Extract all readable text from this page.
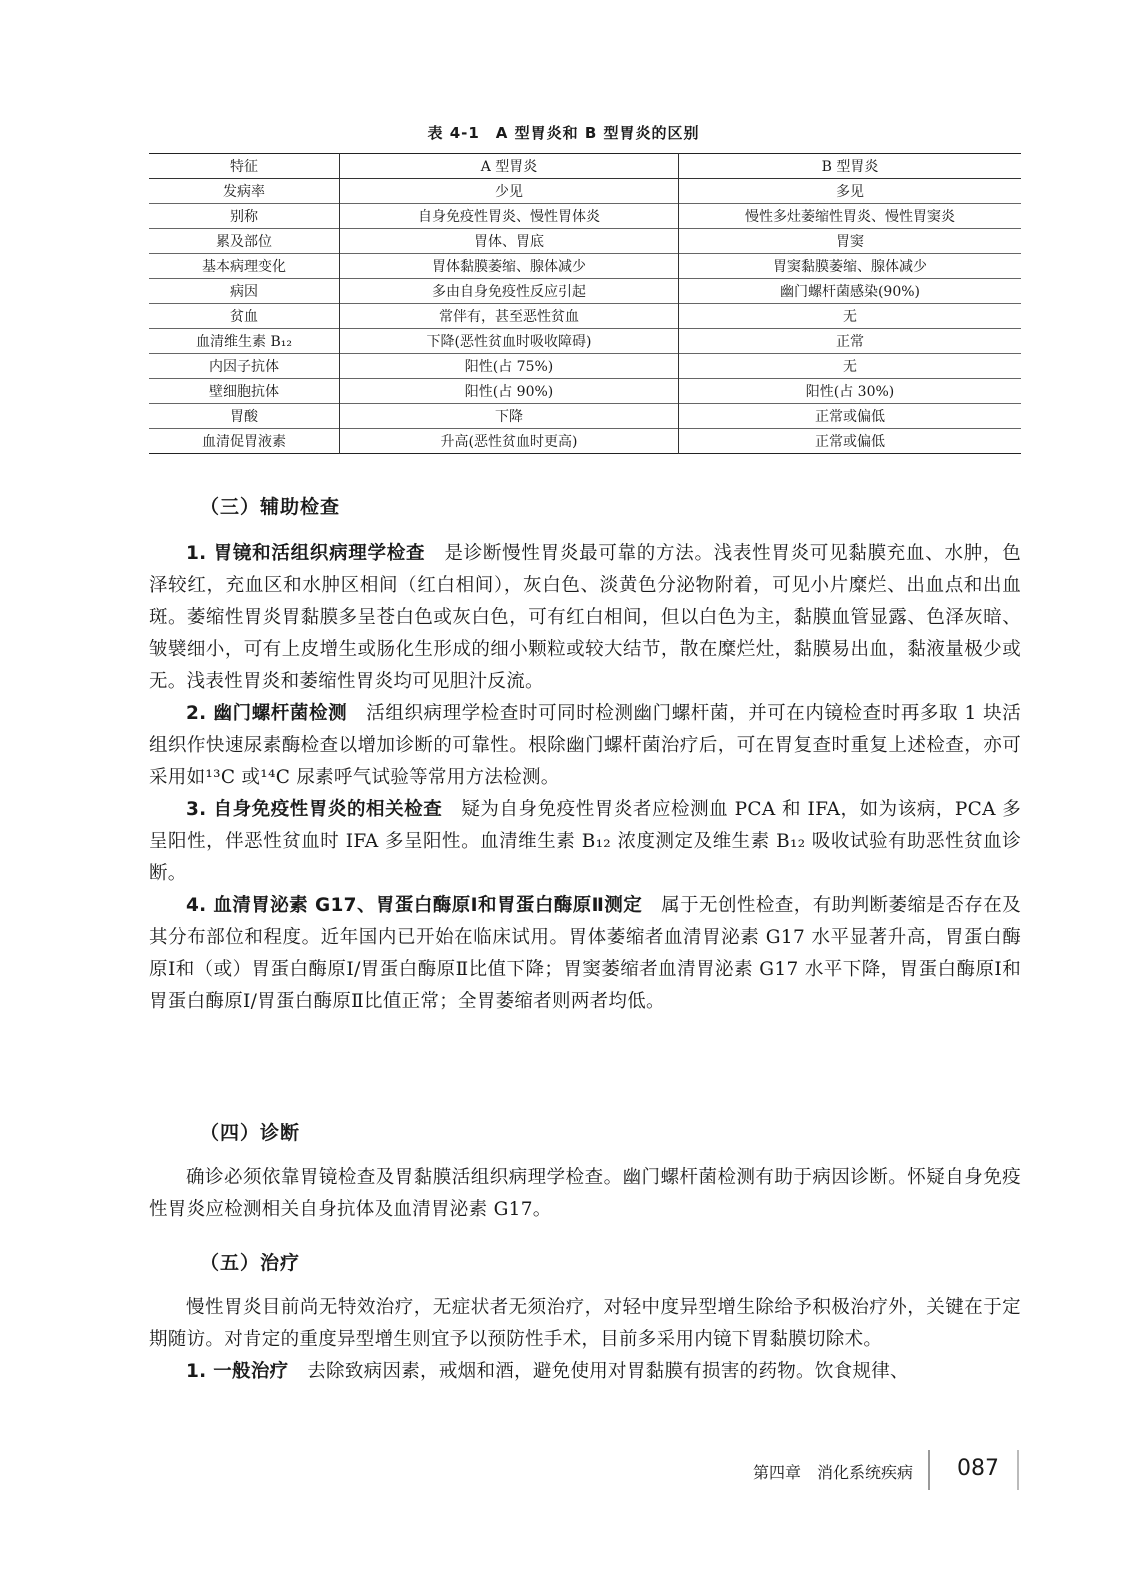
表 4-1　A 型胃炎和 B 型胃炎的区别
特征	A 型胃炎	B 型胃炎
发病率	少见	多见
别称	自身免疫性胃炎、慢性胃体炎	慢性多灶萎缩性胃炎、慢性胃窦炎
累及部位	胃体、胃底	胃窦
基本病理变化	胃体黏膜萎缩、腺体减少	胃窦黏膜萎缩、腺体减少
病因	多由自身免疫性反应引起	幽门螺杆菌感染(90%)
贫血	常伴有，甚至恶性贫血	无
血清维生素 B₁₂	下降(恶性贫血时吸收障碍)	正常
内因子抗体	阳性(占 75%)	无
壁细胞抗体	阳性(占 90%)	阳性(占 30%)
胃酸	下降	正常或偏低
血清促胃液素	升高(恶性贫血时更高)	正常或偏低
（三）辅助检查

1. 胃镜和活组织病理学检查　是诊断慢性胃炎最可靠的方法。浅表性胃炎可见黏膜充血、水肿，色泽较红，充血区和水肿区相间（红白相间），灰白色、淡黄色分泌物附着，可见小片糜烂、出血点和出血斑。萎缩性胃炎胃黏膜多呈苍白色或灰白色，可有红白相间，但以白色为主，黏膜血管显露、色泽灰暗、皱襞细小，可有上皮增生或肠化生形成的细小颗粒或较大结节，散在糜烂灶，黏膜易出血，黏液量极少或无。浅表性胃炎和萎缩性胃炎均可见胆汁反流。

2. 幽门螺杆菌检测　活组织病理学检查时可同时检测幽门螺杆菌，并可在内镜检查时再多取 1 块活组织作快速尿素酶检查以增加诊断的可靠性。根除幽门螺杆菌治疗后，可在胃复查时重复上述检查，亦可采用如¹³C 或¹⁴C 尿素呼气试验等常用方法检测。

3. 自身免疫性胃炎的相关检查　疑为自身免疫性胃炎者应检测血 PCA 和 IFA，如为该病，PCA 多呈阳性，伴恶性贫血时 IFA 多呈阳性。血清维生素 B₁₂ 浓度测定及维生素 B₁₂ 吸收试验有助恶性贫血诊断。

4. 血清胃泌素 G17、胃蛋白酶原Ⅰ和胃蛋白酶原Ⅱ测定　属于无创性检查，有助判断萎缩是否存在及其分布部位和程度。近年国内已开始在临床试用。胃体萎缩者血清胃泌素 G17 水平显著升高，胃蛋白酶原Ⅰ和（或）胃蛋白酶原Ⅰ/胃蛋白酶原Ⅱ比值下降；胃窦萎缩者血清胃泌素 G17 水平下降，胃蛋白酶原Ⅰ和胃蛋白酶原Ⅰ/胃蛋白酶原Ⅱ比值正常；全胃萎缩者则两者均低。

（四）诊断

确诊必须依靠胃镜检查及胃黏膜活组织病理学检查。幽门螺杆菌检测有助于病因诊断。怀疑自身免疫性胃炎应检测相关自身抗体及血清胃泌素 G17。

（五）治疗

慢性胃炎目前尚无特效治疗，无症状者无须治疗，对轻中度异型增生除给予积极治疗外，关键在于定期随访。对肯定的重度异型增生则宜予以预防性手术，目前多采用内镜下胃黏膜切除术。

1. 一般治疗　去除致病因素，戒烟和酒，避免使用对胃黏膜有损害的药物。饮食规律、

第四章　消化系统疾病 087
